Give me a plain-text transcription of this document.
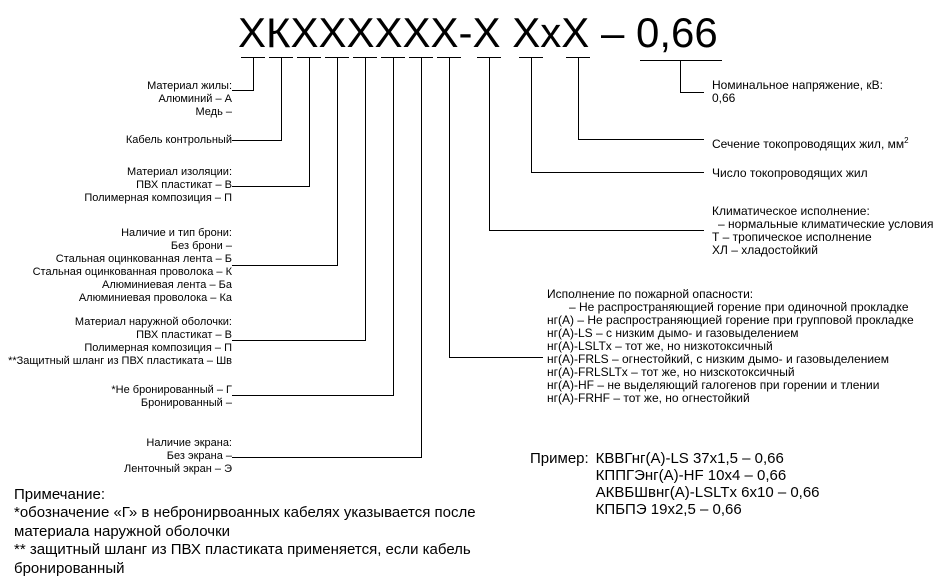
ХКХХХХХХ-Х ХхХ – 0,66
Материал жилы:
Алюминий – А
Медь –
Кабель контрольный
Материал изоляции:
ПВХ пластикат – В
Полимерная композиция – П
Наличие и тип брони:
Без брони –
Стальная оцинкованная лента – Б
Стальная оцинкованная проволока – К
Алюминиевая лента – Ба
Алюминиевая проволока – Ка
Материал наружной оболочки:
ПВХ пластикат – В
Полимерная композиция – П
**Защитный шланг из ПВХ пластиката – Шв
*Не бронированный – Г
Бронированный –
Наличие экрана:
Без экрана –
Ленточный экран – Э
Номинальное напряжение, кВ:
0,66
Сечение токопроводящих жил, $мм^2$
Число токопроводящих жил
Климатическое исполнение:
– нормальные климатические условия
Т – тропическое исполнение
ХЛ – хладостойкий
Исполнение по пожарной опасности:
– Не распространяющией горение при одиночной прокладке
нг(А) – Не распространяющией горение при групповой прокладке
нг(А)-LS – с низким дымо- и газовыделением
нг(А)-LSLTx – тот же, но низкотоксичный
нг(А)-FRLS – огнестойкий, с низким дымо- и газовыделением
нг(А)-FRLSLTx – тот же, но низскотоксичный
нг(А)-HF – не выделяющий галогенов при горении и тлении
нг(А)-FRHF – тот же, но огнестойкий
Пример: КВВГнг(А)-LS 37х1,5 – 0,66
КППГЭнг(А)-HF 10х4 – 0,66
АКВБШвнг(А)-LSLTх 6х10 – 0,66
КПБПЭ 19х2,5 – 0,66
Примечание:
*обозначение «Г» в небронирвоанных кабелях указывается после
материала наружной оболочки
** защитный шланг из ПВХ пластиката применяется, если кабель
бронированный
